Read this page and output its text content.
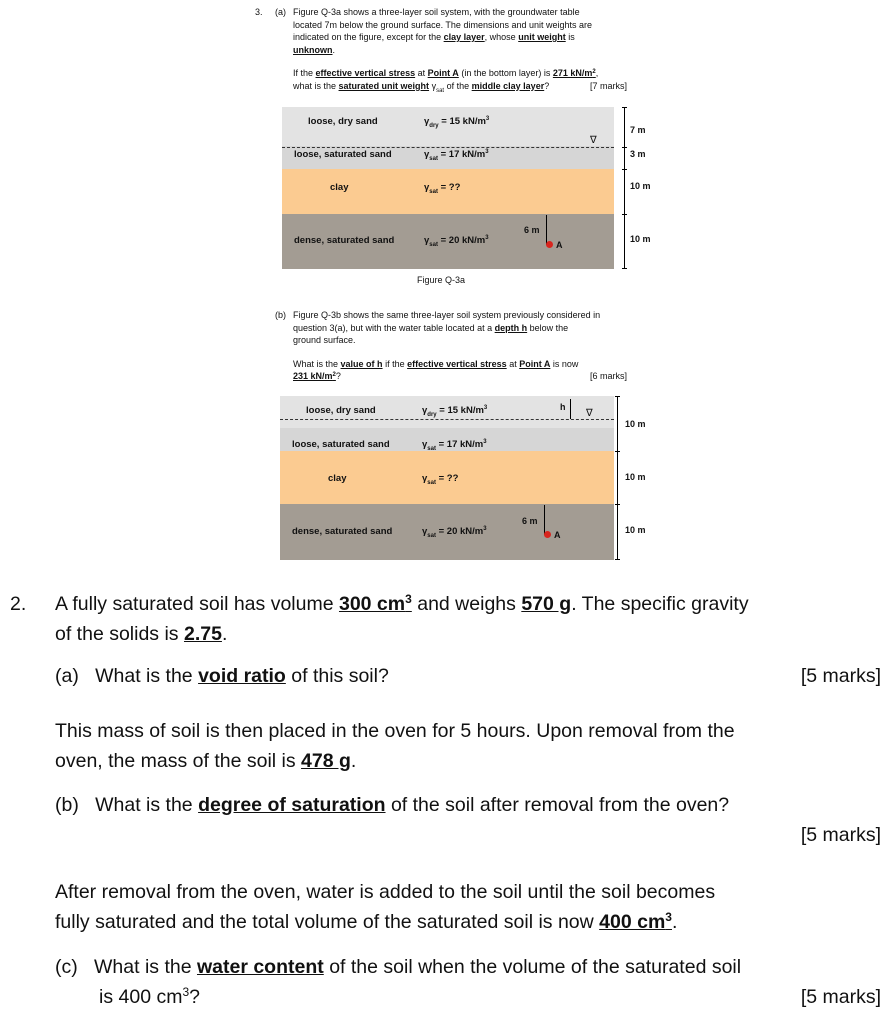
3. (a) Figure Q-3a shows a three-layer soil system, with the groundwater table
located 7m below the ground surface. The dimensions and unit weights are
indicated on the figure, except for the clay layer, whose unit weight is
unknown.
If the effective vertical stress at Point A (in the bottom layer) is 271 $kN/m^2$,
what is the saturated unit weight $\gamma_{sat}$ of the middle clay layer?	[7 marks]
loose, dry sand	$\gamma_{dry} = 15$ $kN/m^3$
loose, saturated sand	$\gamma_{sat} = 17$ $kN/m^3$
clay	$\gamma_{sat}$ = ??
dense, saturated sand	$\gamma_{sat} = 20$ $kN/m^3$
∇
6 m
A
7 m
3 m
10 m
10 m
Figure Q-3a
(b) Figure Q-3b shows the same three-layer soil system previously considered in
question 3(a), but with the water table located at a depth h below the
ground surface.
What is the value of h if the effective vertical stress at Point A is now
231 $kN/m^2$?	[6 marks]
loose, dry sand	$\gamma_{dry} = 15$ $kN/m^3$
loose, saturated sand	$\gamma_{sat} = 17$ $kN/m^3$
clay	$\gamma_{sat}$ = ??
dense, saturated sand	$\gamma_{sat} = 20$ $kN/m^3$
h
∇
6 m
A
10 m
10 m
10 m
2. A fully saturated soil has volume 300 $cm^3$ and weighs 570 g. The specific gravity
of the solids is 2.75.
(a) What is the void ratio of this soil?	[5 marks]
This mass of soil is then placed in the oven for 5 hours. Upon removal from the
oven, the mass of the soil is 478 g.
(b) What is the degree of saturation of the soil after removal from the oven?
[5 marks]
After removal from the oven, water is added to the soil until the soil becomes
fully saturated and the total volume of the saturated soil is now 400 $cm^3$.
(c) What is the water content of the soil when the volume of the saturated soil
is 400 $cm^3$?	[5 marks]
